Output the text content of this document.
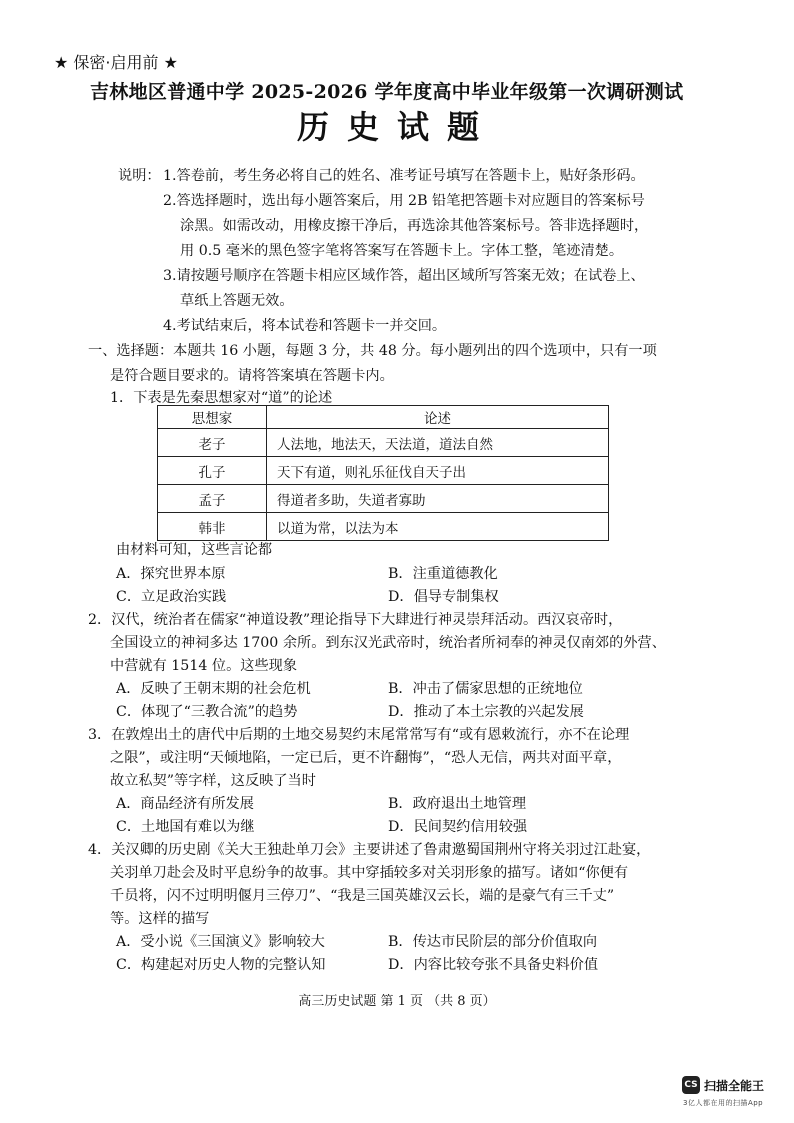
★ 保密·启用前 ★
吉林地区普通中学 2025-2026 学年度高中毕业年级第一次调研测试
历史试题
说明： 1.答卷前，考生务必将自己的姓名、准考证号填写在答题卡上，贴好条形码。
2.答选择题时，选出每小题答案后，用 2B 铅笔把答题卡对应题目的答案标号
涂黑。如需改动，用橡皮擦干净后，再选涂其他答案标号。答非选择题时，
用 0.5 毫米的黑色签字笔将答案写在答题卡上。字体工整，笔迹清楚。
3.请按题号顺序在答题卡相应区域作答，超出区域所写答案无效；在试卷上、
草纸上答题无效。
4.考试结束后，将本试卷和答题卡一并交回。
一、选择题：本题共 16 小题，每题 3 分，共 48 分。每小题列出的四个选项中，只有一项
是符合题目要求的。请将答案填在答题卡内。
1．下表是先秦思想家对“道”的论述
思想家	论述
老子	人法地，地法天，天法道，道法自然
孔子	天下有道，则礼乐征伐自天子出
孟子	得道者多助，失道者寡助
韩非	以道为常，以法为本
由材料可知，这些言论都
A．探究世界本原	B．注重道德教化
C．立足政治实践	D．倡导专制集权
2．汉代，统治者在儒家“神道设教”理论指导下大肆进行神灵崇拜活动。西汉哀帝时，
全国设立的神祠多达 1700 余所。到东汉光武帝时，统治者所祠奉的神灵仅南郊的外营、
中营就有 1514 位。这些现象
A．反映了王朝末期的社会危机	B．冲击了儒家思想的正统地位
C．体现了“三教合流”的趋势	D．推动了本土宗教的兴起发展
3．在敦煌出土的唐代中后期的土地交易契约末尾常常写有“或有恩敕流行，亦不在论理
之限”，或注明“天倾地陷，一定已后，更不许翻悔”，“恐人无信，两共对面平章，
故立私契”等字样，这反映了当时
A．商品经济有所发展	B．政府退出土地管理
C．土地国有难以为继	D．民间契约信用较强
4．关汉卿的历史剧《关大王独赴单刀会》主要讲述了鲁肃邀蜀国荆州守将关羽过江赴宴，
关羽单刀赴会及时平息纷争的故事。其中穿插较多对关羽形象的描写。诸如“你便有
千员将，闪不过明明偃月三停刀”、“我是三国英雄汉云长，端的是豪气有三千丈”
等。这样的描写
A．受小说《三国演义》影响较大	B．传达市民阶层的部分价值取向
C．构建起对历史人物的完整认知	D．内容比较夸张不具备史料价值
高三历史试题 第 1 页 （共 8 页）
CS 扫描全能王
3亿人都在用的扫描App
